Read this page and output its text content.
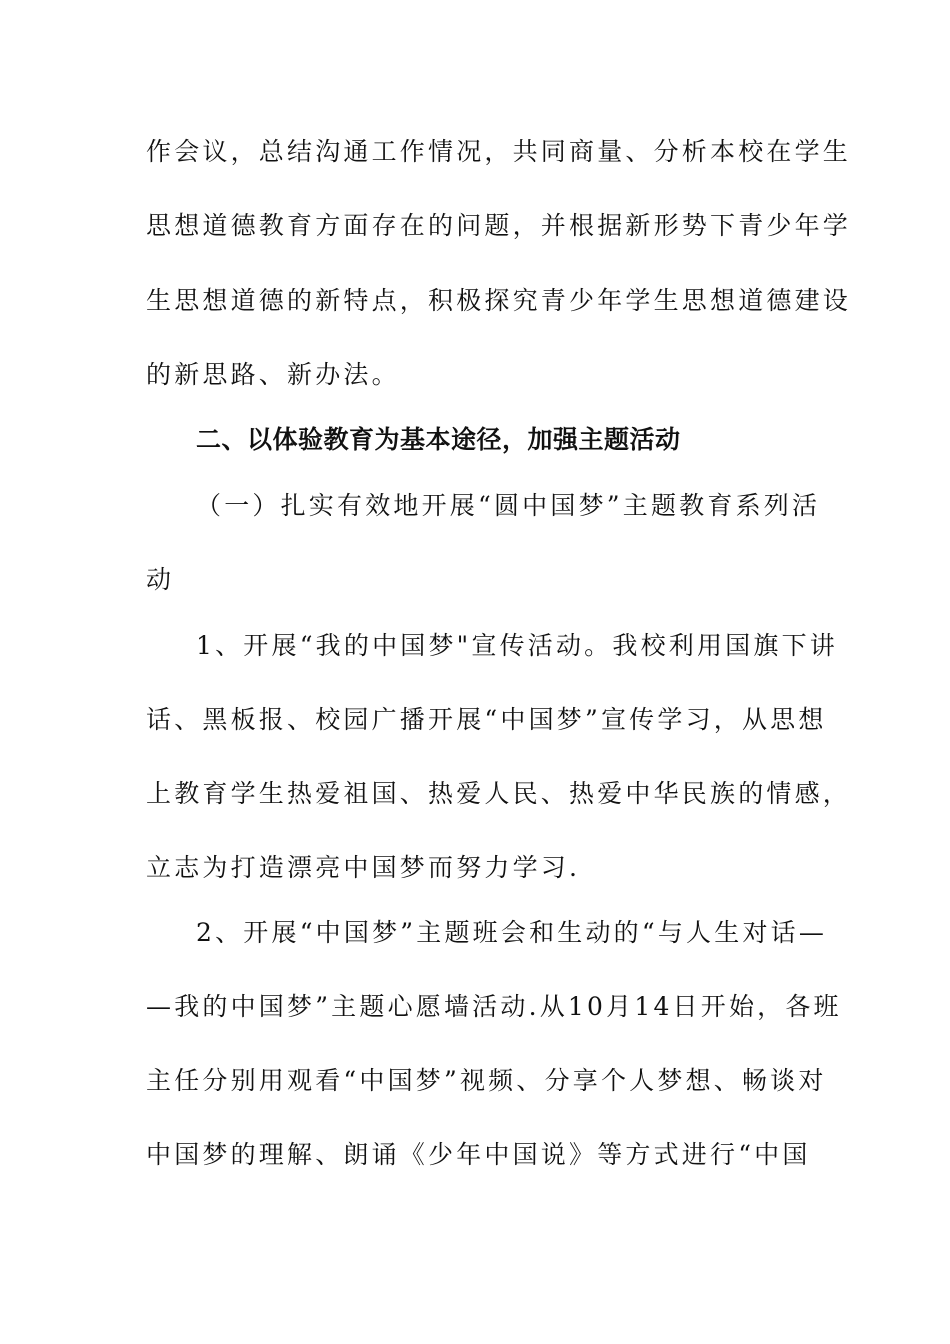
作会议，总结沟通工作情况，共同商量、分析本校在学生
思想道德教育方面存在的问题，并根据新形势下青少年学
生思想道德的新特点，积极探究青少年学生思想道德建设
的新思路、新办法。
二、以体验教育为基本途径，加强主题活动
（一）扎实有效地开展“圆中国梦”主题教育系列活
动
1、开展“我的中国梦"宣传活动。我校利用国旗下讲
话、黑板报、校园广播开展“中国梦”宣传学习，从思想
上教育学生热爱祖国、热爱人民、热爱中华民族的情感，
立志为打造漂亮中国梦而努力学习.
2、开展“中国梦”主题班会和生动的“与人生对话—
—我的中国梦”主题心愿墙活动.从10月14日开始，各班
主任分别用观看“中国梦”视频、分享个人梦想、畅谈对
中国梦的理解、朗诵《少年中国说》等方式进行“中国
